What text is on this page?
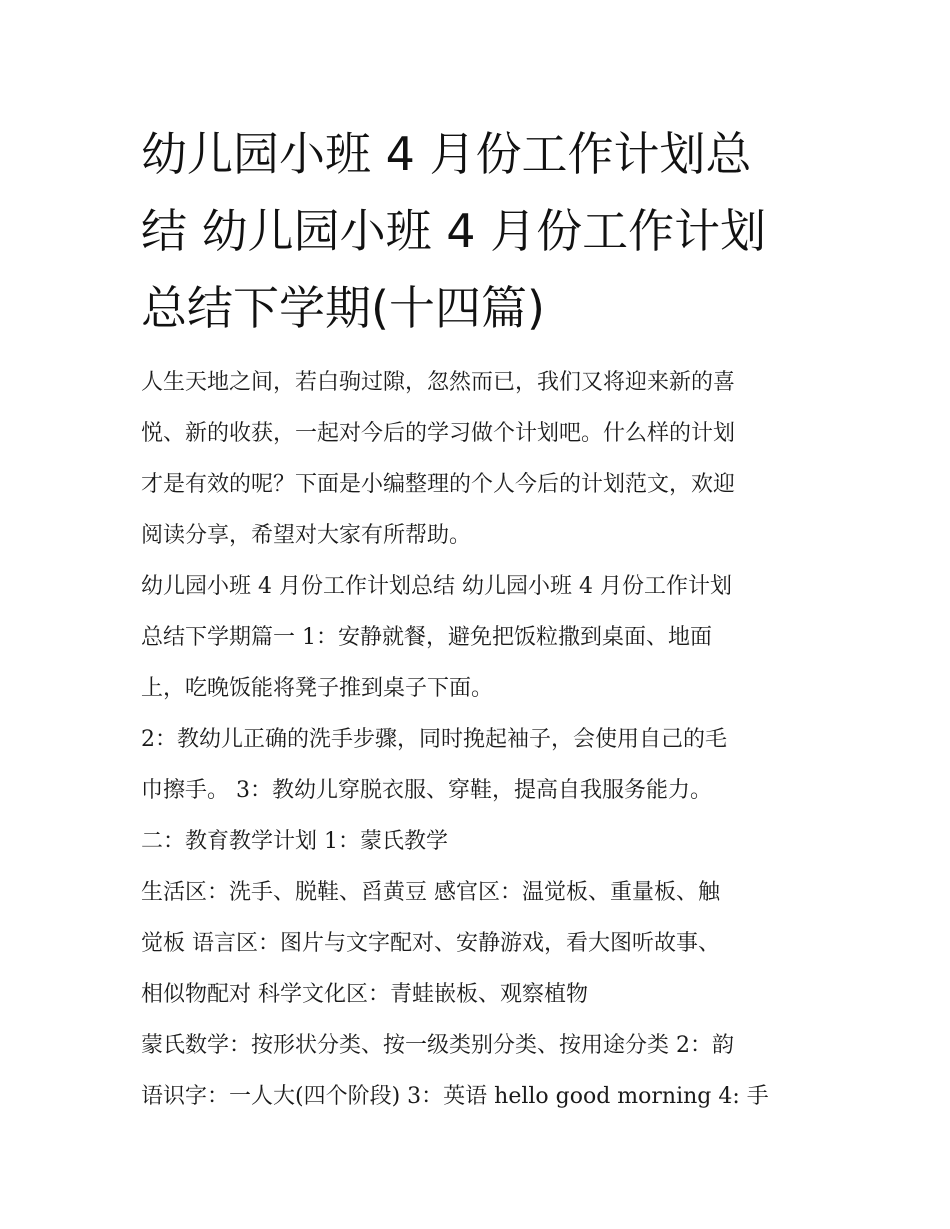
幼儿园小班 4 月份工作计划总
结 幼儿园小班 4 月份工作计划
总结下学期(十四篇)
人生天地之间，若白驹过隙，忽然而已，我们又将迎来新的喜
悦、新的收获，一起对今后的学习做个计划吧。什么样的计划
才是有效的呢？下面是小编整理的个人今后的计划范文，欢迎
阅读分享，希望对大家有所帮助。
幼儿园小班 4 月份工作计划总结 幼儿园小班 4 月份工作计划
总结下学期篇一 1：安静就餐，避免把饭粒撒到桌面、地面
上，吃晚饭能将凳子推到桌子下面。
2：教幼儿正确的洗手步骤，同时挽起袖子，会使用自己的毛
巾擦手。 3：教幼儿穿脱衣服、穿鞋，提高自我服务能力。
二：教育教学计划 1：蒙氏教学
生活区：洗手、脱鞋、舀黄豆 感官区：温觉板、重量板、触
觉板 语言区：图片与文字配对、安静游戏，看大图听故事、
相似物配对 科学文化区：青蛙嵌板、观察植物
蒙氏数学：按形状分类、按一级类别分类、按用途分类 2：韵
语识字：一人大(四个阶段) 3：英语 hello good morning 4: 手
